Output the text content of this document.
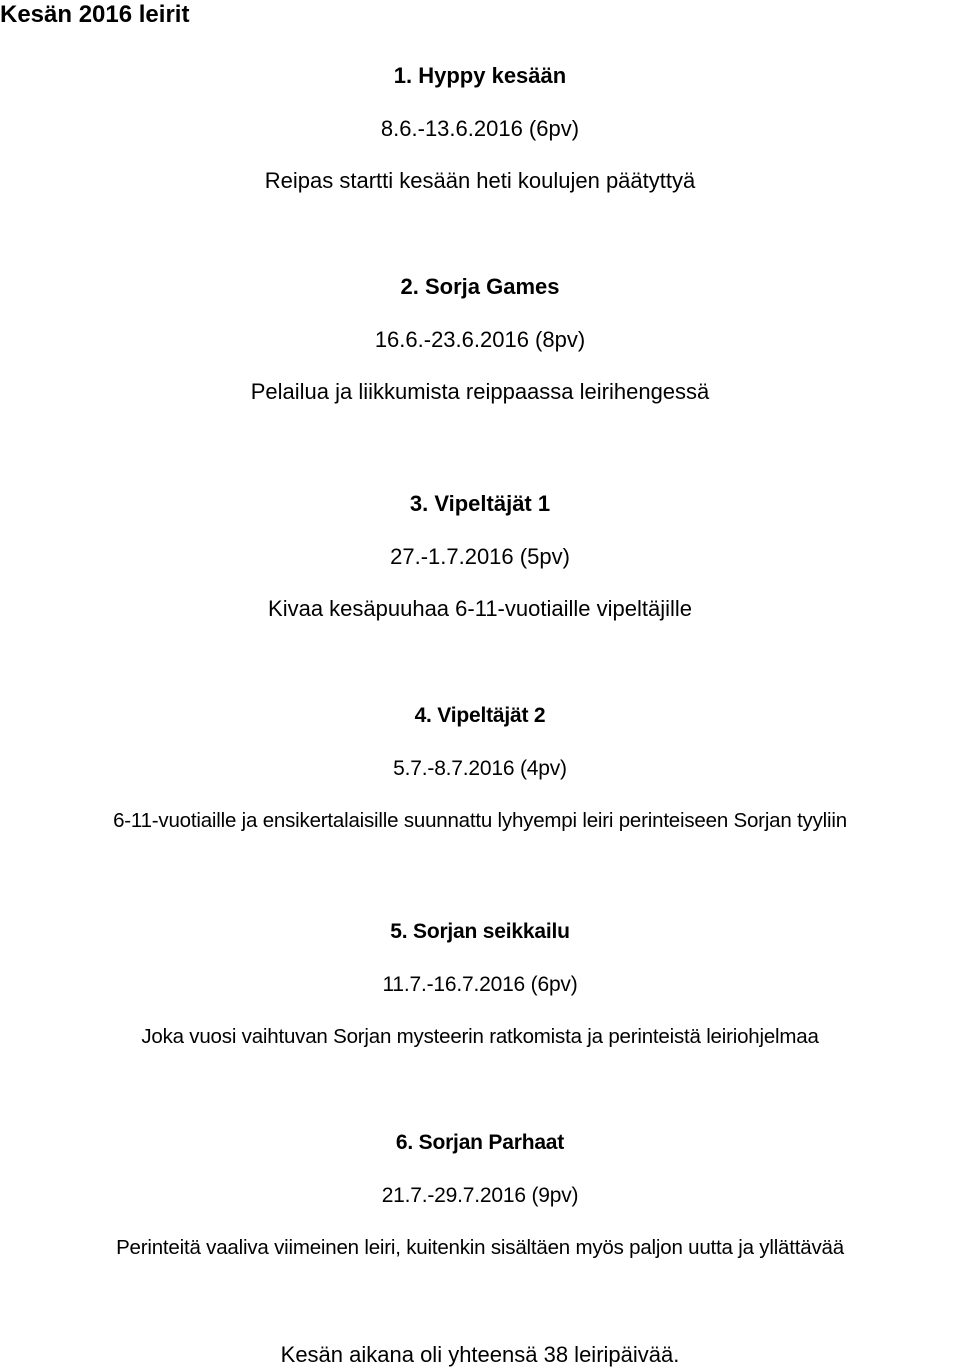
Kesän 2016 leirit
1. Hyppy kesään
8.6.-13.6.2016 (6pv)
Reipas startti kesään heti koulujen päätyttyä
2. Sorja Games
16.6.-23.6.2016 (8pv)
Pelailua ja liikkumista reippaassa leirihengessä
3. Vipeltäjät 1
27.-1.7.2016 (5pv)
Kivaa kesäpuuhaa 6-11-vuotiaille vipeltäjille
4. Vipeltäjät 2
5.7.-8.7.2016 (4pv)
6-11-vuotiaille ja ensikertalaisille suunnattu lyhyempi leiri perinteiseen Sorjan tyyliin
5. Sorjan seikkailu
11.7.-16.7.2016 (6pv)
Joka vuosi vaihtuvan Sorjan mysteerin ratkomista ja perinteistä leiriohjelmaa
6. Sorjan Parhaat
21.7.-29.7.2016 (9pv)
Perinteitä vaaliva viimeinen leiri, kuitenkin sisältäen myös paljon uutta ja yllättävää
Kesän aikana oli yhteensä 38 leiripäivää.
